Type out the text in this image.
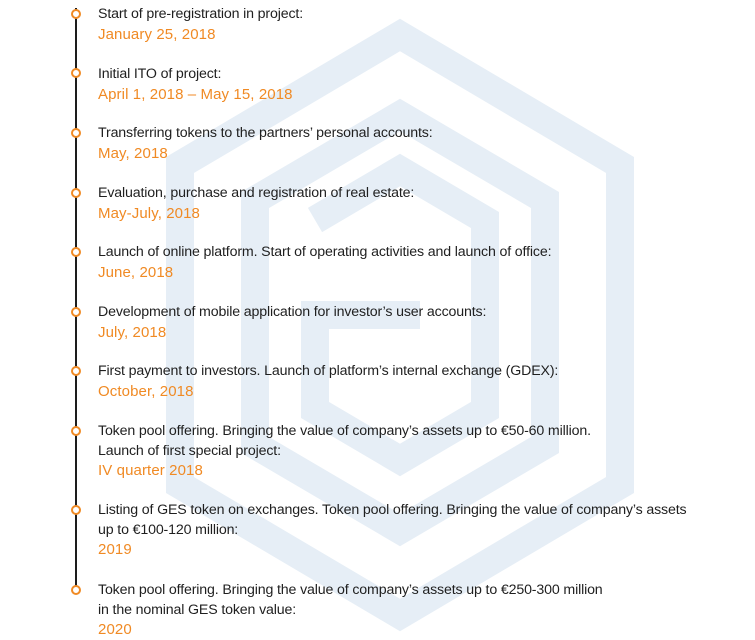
Start of pre-registration in project:
January 25, 2018
Initial ITO of project:
April 1, 2018 – May 15, 2018
Transferring tokens to the partners’ personal accounts:
May, 2018
Evaluation, purchase and registration of real estate:
May-July, 2018
Launch of online platform. Start of operating activities and launch of office:
June, 2018
Development of mobile application for investor’s user accounts:
July, 2018
First payment to investors. Launch of platform’s internal exchange (GDEX):
October, 2018
Token pool offering. Bringing the value of company’s assets up to €50-60 million.
Launch of first special project:
IV quarter 2018
Listing of GES token on exchanges. Token pool offering. Bringing the value of company’s assets
up to €100-120 million:
2019
Token pool offering. Bringing the value of company’s assets up to €250-300 million
in the nominal GES token value:
2020
